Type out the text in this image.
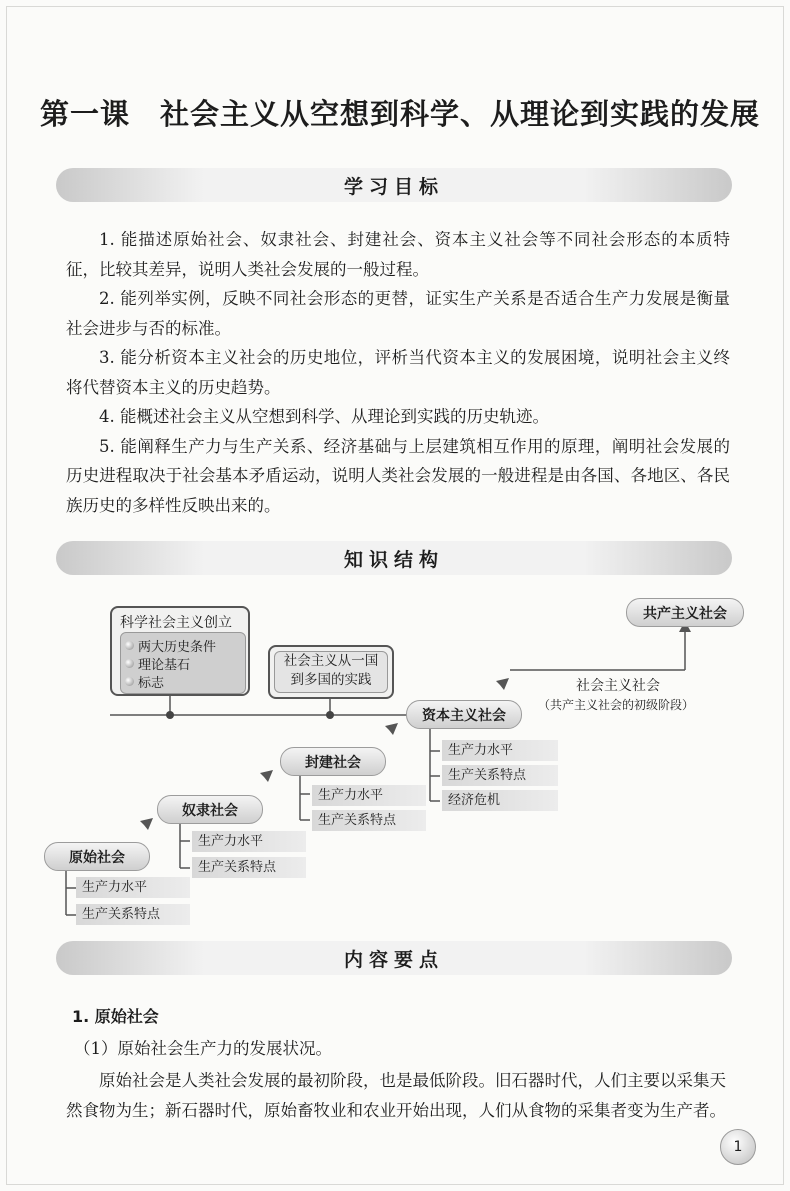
第一课　社会主义从空想到科学、从理论到实践的发展
学习目标

1. 能描述原始社会、奴隶社会、封建社会、资本主义社会等不同社会形态的本质特征，比较其差异，说明人类社会发展的一般过程。

2. 能列举实例，反映不同社会形态的更替，证实生产关系是否适合生产力发展是衡量社会进步与否的标准。

3. 能分析资本主义社会的历史地位，评析当代资本主义的发展困境，说明社会主义终将代替资本主义的历史趋势。

4. 能概述社会主义从空想到科学、从理论到实践的历史轨迹。

5. 能阐释生产力与生产关系、经济基础与上层建筑相互作用的原理，阐明社会发展的历史进程取决于社会基本矛盾运动，说明人类社会发展的一般进程是由各国、各地区、各民族历史的多样性反映出来的。

知识结构
科学社会主义创立
两大历史条件
理论基石
标志
社会主义从一国
到多国的实践
共产主义社会
社会主义社会
（共产主义社会的初级阶段）
资本主义社会
生产力水平
生产关系特点
经济危机
封建社会
生产力水平
生产关系特点
奴隶社会
生产力水平
生产关系特点
原始社会
生产力水平
生产关系特点
内容要点
1. 原始社会
（1）原始社会生产力的发展状况。

原始社会是人类社会发展的最初阶段，也是最低阶段。旧石器时代，人们主要以采集天然食物为生；新石器时代，原始畜牧业和农业开始出现，人们从食物的采集者变为生产者。

1
